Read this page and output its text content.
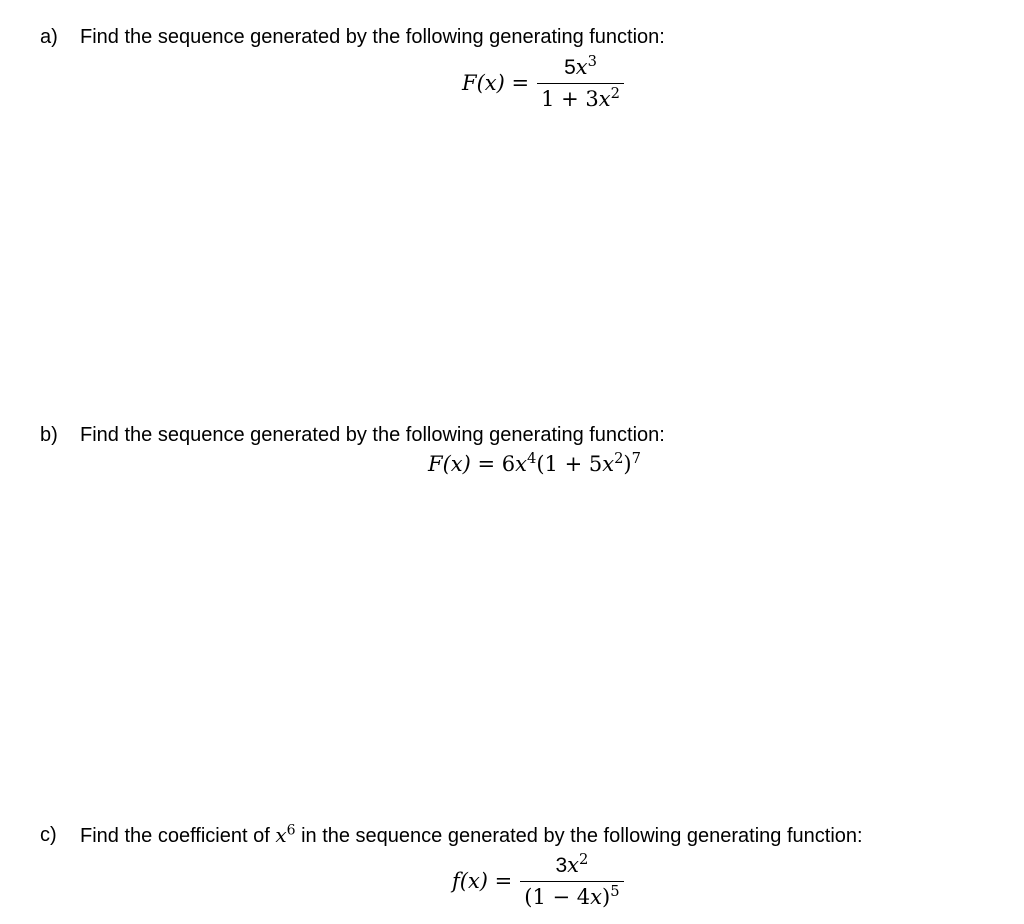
a) Find the sequence generated by the following generating function:
$F(x) = \frac{5x^3}{1 + 3x^2}$
b) Find the sequence generated by the following generating function:
$F(x) = 6x^4(1 + 5x^2)^7$
c) Find the coefficient of $x^6$ in the sequence generated by the following generating function:
$f(x) = \frac{3x^2}{(1 - 4x)^5}$
